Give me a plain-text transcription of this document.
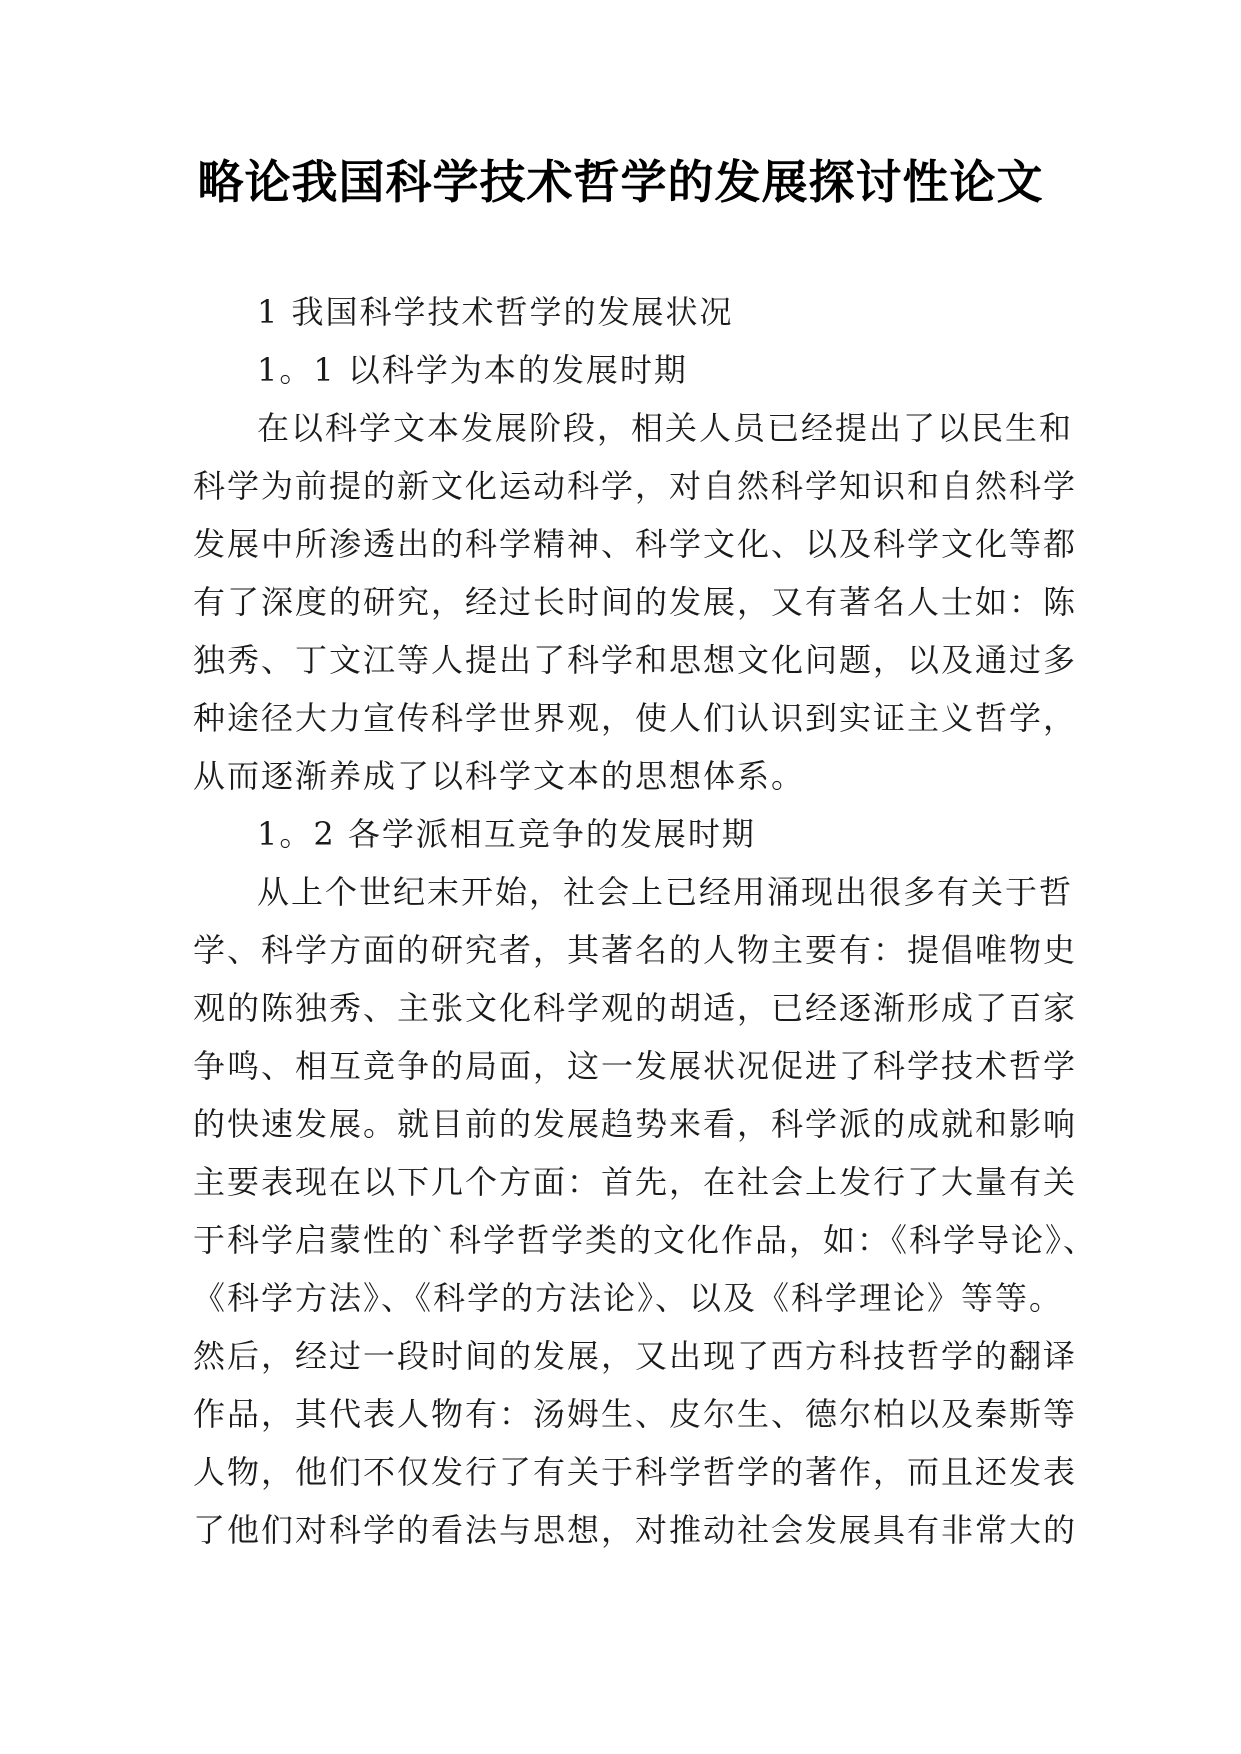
略论我国科学技术哲学的发展探讨性论文
1 我国科学技术哲学的发展状况
1。1 以科学为本的发展时期
在以科学文本发展阶段，相关人员已经提出了以民生和
科学为前提的新文化运动科学，对自然科学知识和自然科学
发展中所渗透出的科学精神、科学文化、以及科学文化等都
有了深度的研究，经过长时间的发展，又有著名人士如：陈
独秀、丁文江等人提出了科学和思想文化问题，以及通过多
种途径大力宣传科学世界观，使人们认识到实证主义哲学，
从而逐渐养成了以科学文本的思想体系。
1。2 各学派相互竞争的发展时期
从上个世纪末开始，社会上已经用涌现出很多有关于哲
学、科学方面的研究者，其著名的人物主要有：提倡唯物史
观的陈独秀、主张文化科学观的胡适，已经逐渐形成了百家
争鸣、相互竞争的局面，这一发展状况促进了科学技术哲学
的快速发展。就目前的发展趋势来看，科学派的成就和影响
主要表现在以下几个方面：首先，在社会上发行了大量有关
于科学启蒙性的`科学哲学类的文化作品，如：《科学导论》、
《科学方法》、《科学的方法论》、以及《科学理论》等等。
然后，经过一段时间的发展，又出现了西方科技哲学的翻译
作品，其代表人物有：汤姆生、皮尔生、德尔柏以及秦斯等
人物，他们不仅发行了有关于科学哲学的著作，而且还发表
了他们对科学的看法与思想，对推动社会发展具有非常大的
